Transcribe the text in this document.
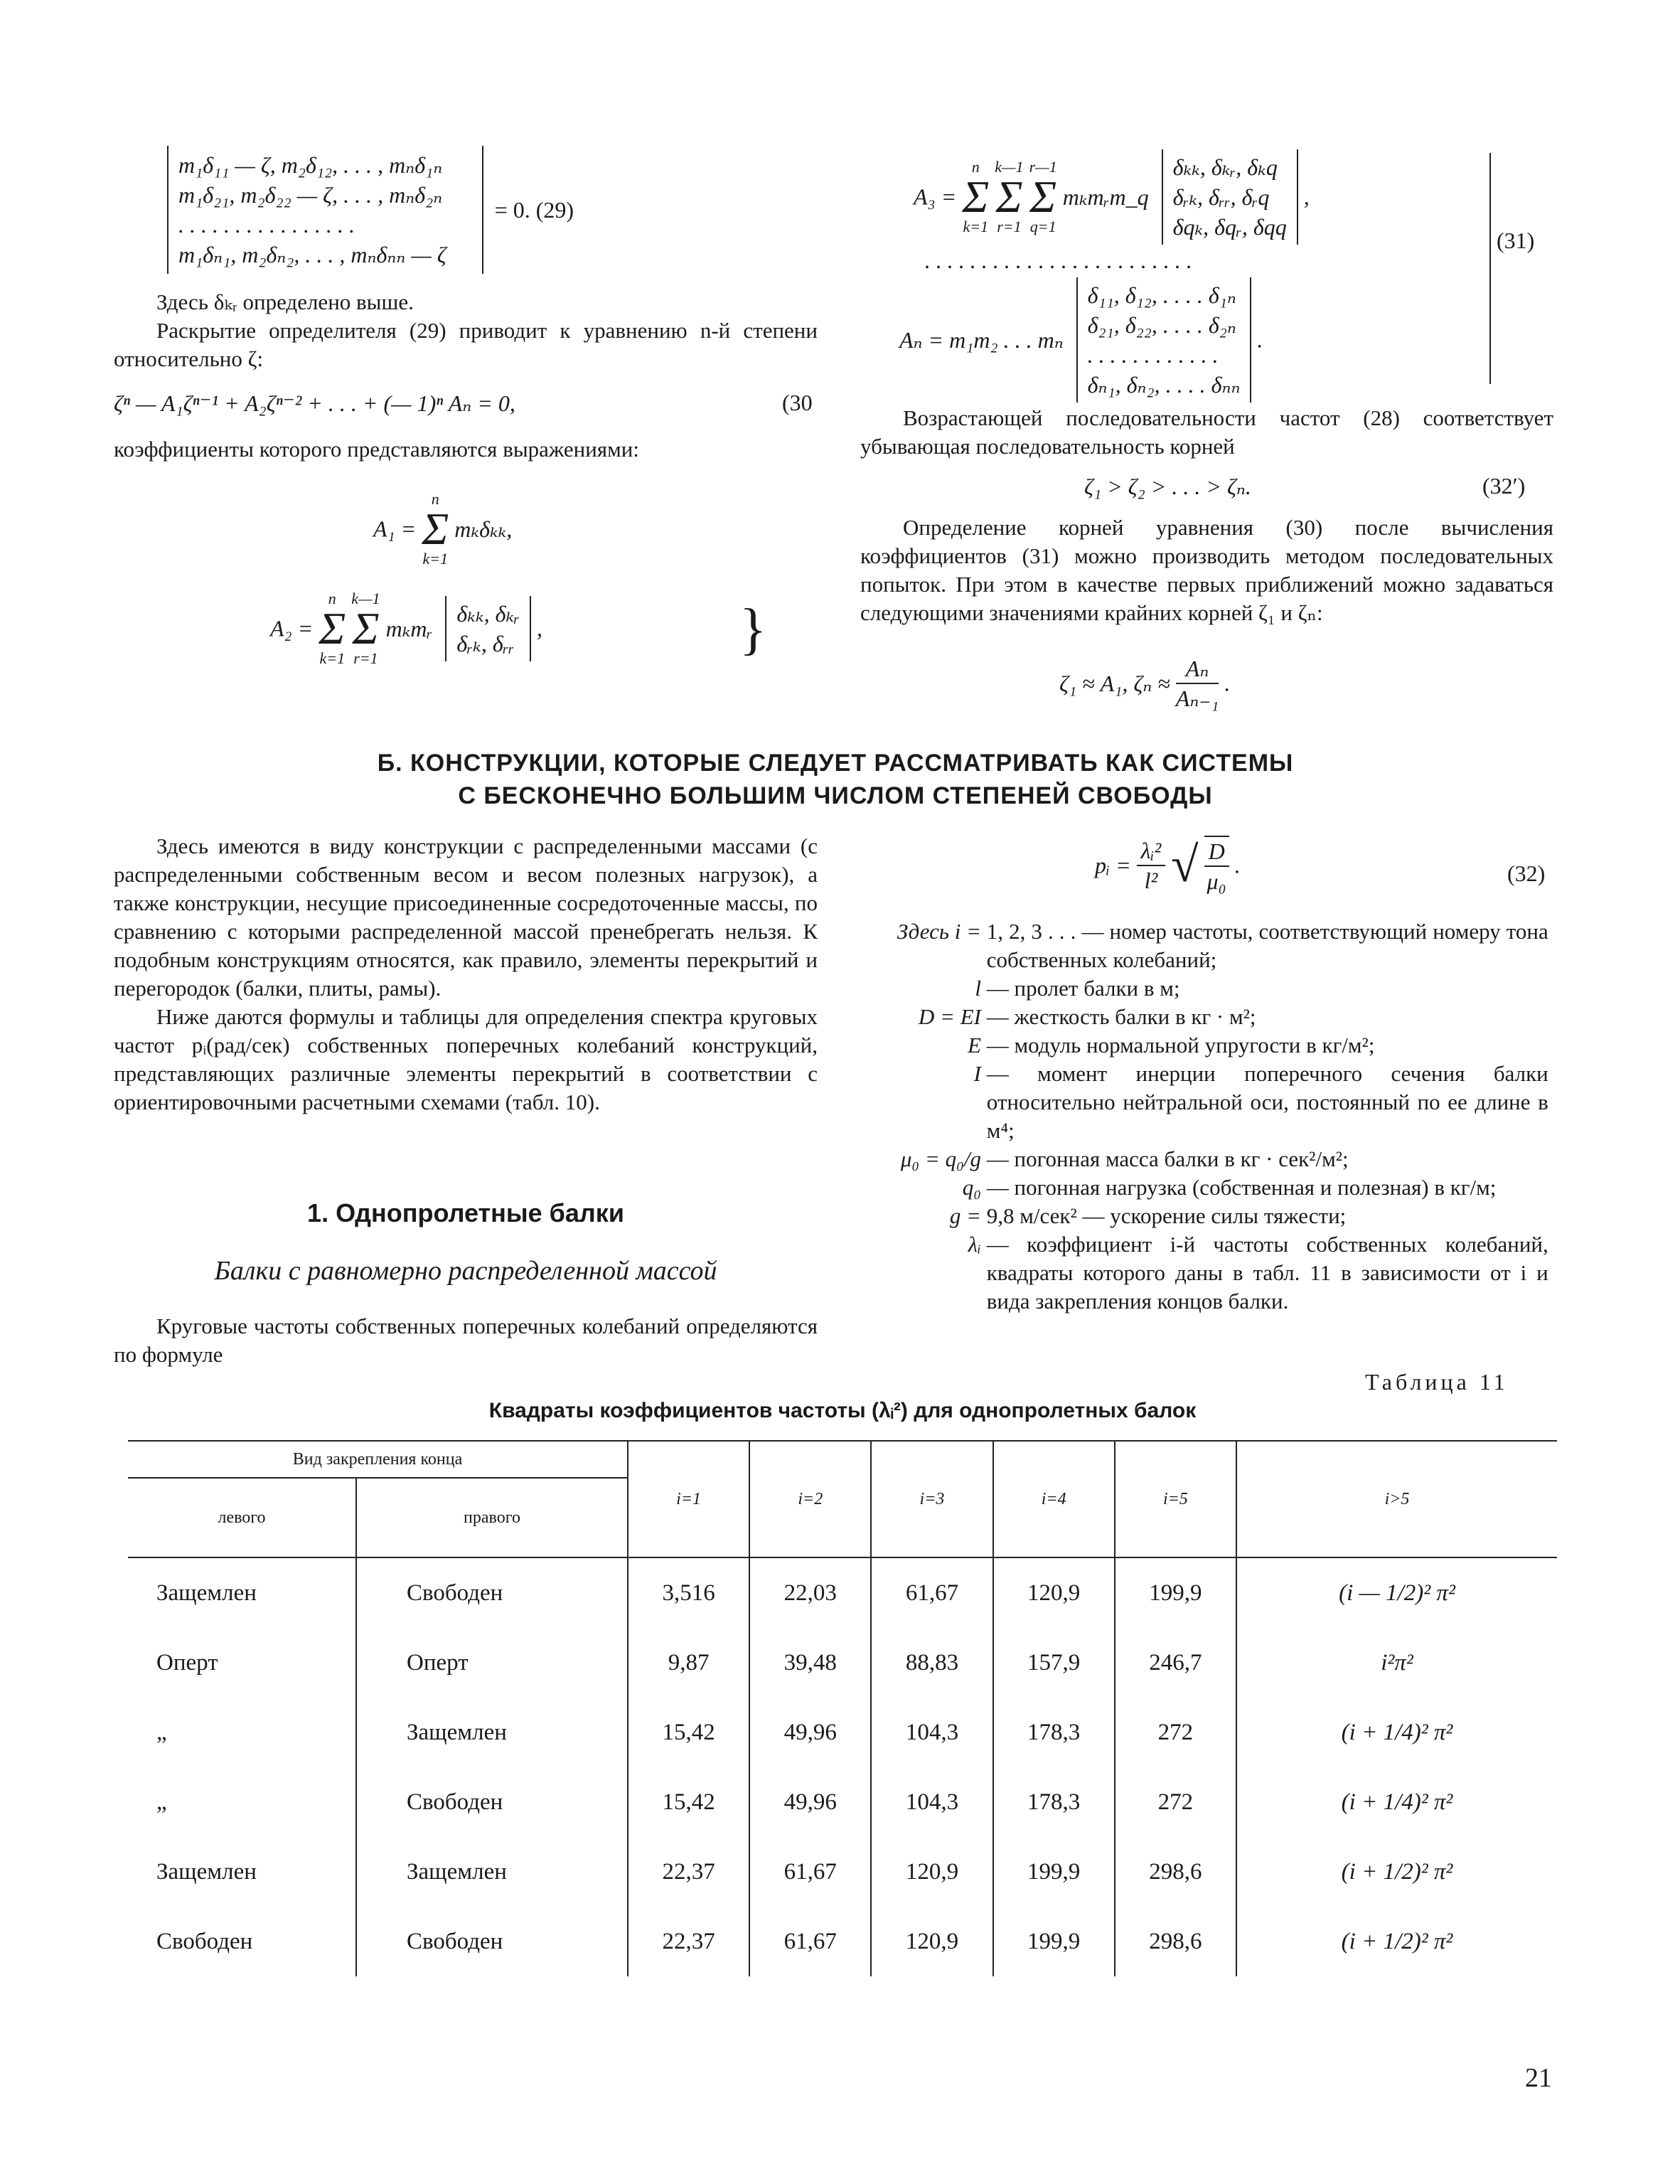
m₁δ₁₁ — ζ, m₂δ₁₂, . . . , mₙδ₁ₙ
m₁δ₂₁, m₂δ₂₂ — ζ, . . . , mₙδ₂ₙ
. . . . . . . . . . . . . . . .
m₁δₙ₁, m₂δₙ₂, . . . , mₙδₙₙ — ζ
= 0. (29)

Здесь δₖᵣ определено выше.

Раскрытие определителя (29) приводит к уравнению n-й степени относительно ζ:

ζⁿ — A₁ζⁿ⁻¹ + A₂ζⁿ⁻² + . . . + (— 1)ⁿ Aₙ = 0,	(30

коэффициенты которого представляются выражениями:

A₁ =
n
Σ
k=1
mₖδₖₖ,
A₂ =
n
Σ
k=1

k—1
Σ
r=1
mₖmᵣ
δₖₖ, δₖᵣ
δᵣₖ, δᵣᵣ
,	}
A₃ =
n
Σ
k=1

k—1
Σ
r=1

r—1
Σ
q=1
mₖmᵣm_q
δₖₖ, δₖᵣ, δₖq
δᵣₖ, δᵣᵣ, δᵣq
δqₖ, δqᵣ, δqq
,
. . . . . . . . . . . . . . . . . . . . . . . .
Aₙ = m₁m₂ . . . mₙ
δ₁₁, δ₁₂, . . . . δ₁ₙ
δ₂₁, δ₂₂, . . . . δ₂ₙ
. . . . . . . . . . . .
δₙ₁, δₙ₂, . . . . δₙₙ
.
(31)

Возрастающей последовательности частот (28) соответствует убывающая последовательность корней

ζ₁ > ζ₂ > . . . > ζₙ.	(32′)

Определение корней уравнения (30) после вычисления коэффициентов (31) можно производить методом последовательных попыток. При этом в качестве первых приближений можно задаваться следующими значениями крайних корней ζ₁ и ζₙ:

ζ₁ ≈ A₁, $\zeta_n \approx \frac{\text{Aₙ}}{\text{Aₙ₋₁}}$ .
Б. КОНСТРУКЦИИ, КОТОРЫЕ СЛЕДУЕТ РАССМАТРИВАТЬ КАК СИСТЕМЫ
С БЕСКОНЕЧНО БОЛЬШИМ ЧИСЛОМ СТЕПЕНЕЙ СВОБОДЫ

Здесь имеются в виду конструкции с распределенными массами (с распределенными собственным весом и весом полезных нагрузок), а также конструкции, несущие присоединенные сосредоточенные массы, по сравнению с которыми распределенной массой пренебрегать нельзя. К подобным конструкциям относятся, как правило, элементы перекрытий и перегородок (балки, плиты, рамы).

Ниже даются формулы и таблицы для определения спектра круговых частот pᵢ(рад/сек) собственных поперечных колебаний конструкций, представляющих различные элементы перекрытий в соответствии с ориентировочными расчетными схемами (табл. 10).

1. Однопролетные балки
Балки с равномерно распределенной массой

Круговые частоты собственных поперечных колебаний определяются по формуле

pᵢ = $\frac{\text{λᵢ²}}{\text{l²}}$ √ $\frac{D}{\text{μ₀}}$ .	(32)
Здесь i = 1, 2, 3 . . . — номер частоты, соответствующий номеру тона собственных колебаний;
l — пролет балки в м;
D = EI — жесткость балки в кг · м²;
E — модуль нормальной упругости в кг/м²;
I — момент инерции поперечного сечения балки относительно нейтральной оси, постоянный по ее длине в м⁴;
μ₀ = q₀/g — погонная масса балки в кг · сек²/м²;
q₀ — погонная нагрузка (собственная и полезная) в кг/м;
g = 9,8 м/сек² — ускорение силы тяжести;
λᵢ — коэффициент i-й частоты собственных колебаний, квадраты которого даны в табл. 11 в зависимости от i и вида закрепления концов балки.
Таблица 11
Квадраты коэффициентов частоты (λᵢ²) для однопролетных балок
Вид закрепления конца		i=1	i=2	i=3	i=4	i=5	i>5
левого	правого						
Защемлен	Свободен	3,516	22,03	61,67	120,9	199,9	(i — 1/2)² π²
Оперт	Оперт	9,87	39,48	88,83	157,9	246,7	i²π²
„	Защемлен	15,42	49,96	104,3	178,3	272	(i + 1/4)² π²
„	Свободен	15,42	49,96	104,3	178,3	272	(i + 1/4)² π²
Защемлен	Защемлен	22,37	61,67	120,9	199,9	298,6	(i + 1/2)² π²
Свободен	Свободен	22,37	61,67	120,9	199,9	298,6	(i + 1/2)² π²
21
